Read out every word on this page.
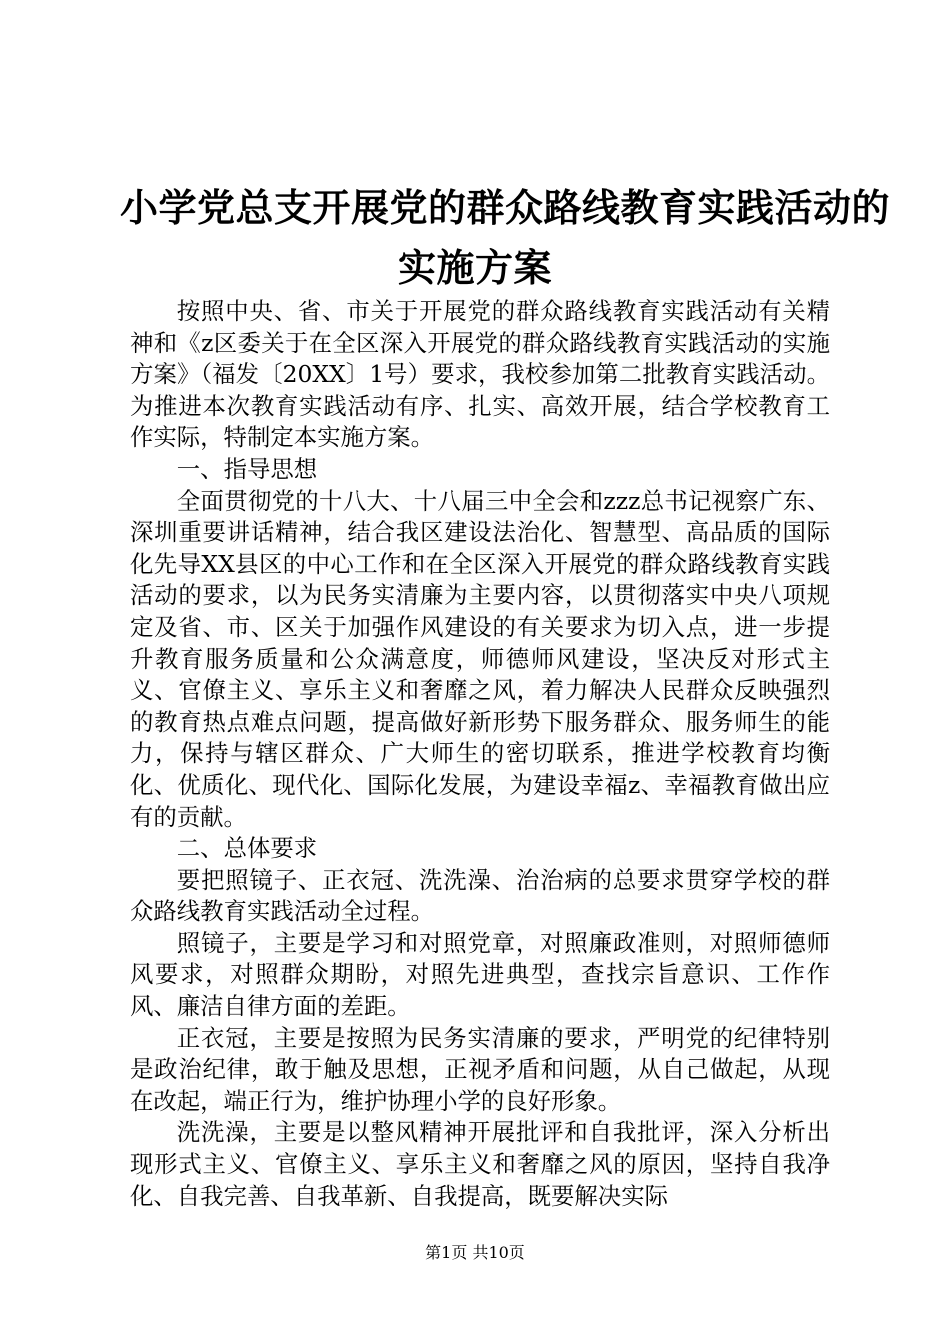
小学党总支开展党的群众路线教育实践活动的
实施方案

按照中央、省、市关于开展党的群众路线教育实践活动有关精神和《z区委关于在全区深入开展党的群众路线教育实践活动的实施方案》（福发〔20XX〕1号）要求，我校参加第二批教育实践活动。为推进本次教育实践活动有序、扎实、高效开展，结合学校教育工作实际，特制定本实施方案。

一、指导思想

全面贯彻党的十八大、十八届三中全会和zzz总书记视察广东、深圳重要讲话精神，结合我区建设法治化、智慧型、高品质的国际化先导XX县区的中心工作和在全区深入开展党的群众路线教育实践活动的要求，以为民务实清廉为主要内容，以贯彻落实中央八项规定及省、市、区关于加强作风建设的有关要求为切入点，进一步提升教育服务质量和公众满意度，师德师风建设，坚决反对形式主义、官僚主义、享乐主义和奢靡之风，着力解决人民群众反映强烈的教育热点难点问题，提高做好新形势下服务群众、服务师生的能力，保持与辖区群众、广大师生的密切联系，推进学校教育均衡化、优质化、现代化、国际化发展，为建设幸福z、幸福教育做出应有的贡献。

二、总体要求

要把照镜子、正衣冠、洗洗澡、治治病的总要求贯穿学校的群众路线教育实践活动全过程。

照镜子，主要是学习和对照党章，对照廉政准则，对照师德师风要求，对照群众期盼，对照先进典型，查找宗旨意识、工作作风、廉洁自律方面的差距。

正衣冠，主要是按照为民务实清廉的要求，严明党的纪律特别是政治纪律，敢于触及思想，正视矛盾和问题，从自己做起，从现在改起，端正行为，维护协理小学的良好形象。

洗洗澡，主要是以整风精神开展批评和自我批评，深入分析出现形式主义、官僚主义、享乐主义和奢靡之风的原因，坚持自我净化、自我完善、自我革新、自我提高，既要解决实际

第1页 共10页
